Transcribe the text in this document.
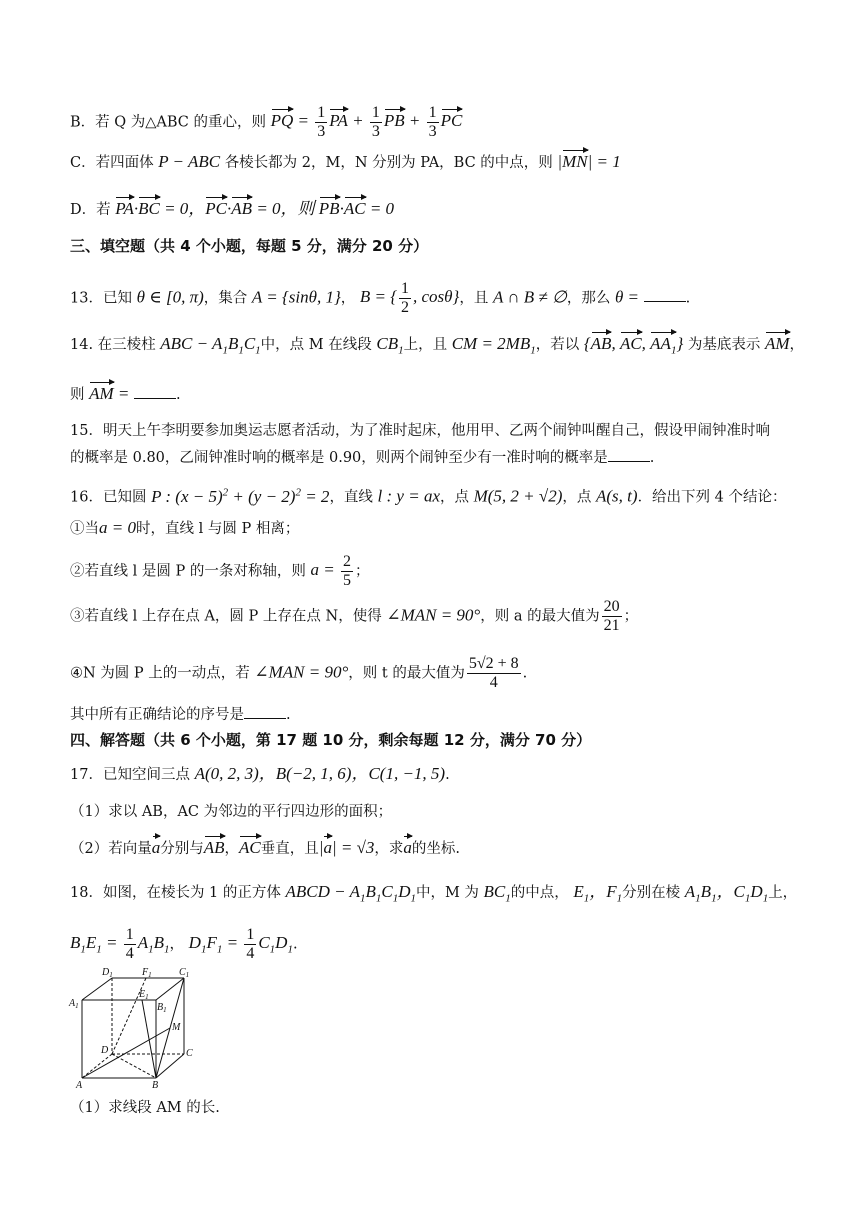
B．若 Q 为△ABC 的重心，则 PQ = $\frac{1}{3}$ PA + $\frac{1}{3}$ PB + $\frac{1}{3}$ PC
C．若四面体 P − ABC 各棱长都为 2，M，N 分别为 PA，BC 的中点，则 |MN| = 1
D．若 PA·BC = 0，PC·AB = 0，则 PB·AC = 0
三、填空题（共 4 个小题，每题 5 分，满分 20 分）
13．已知 θ ∈ [0, π)，集合 A = {sinθ, 1}， B = { $\frac{1}{2}$ , cosθ}，且 A ∩ B ≠ ∅，那么 θ =	.
14. 在三棱柱 ABC − $A_1B_1C_1$中，点 M 在线段 $CB_1$上，且 CM = $2MB_1$，若以 {AB, AC, $AA_1$} 为基底表示 AM，
则 AM =	.
15．明天上午李明要参加奥运志愿者活动，为了准时起床，他用甲、乙两个闹钟叫醒自己，假设甲闹钟准时响
的概率是 0.80，乙闹钟准时响的概率是 0.90，则两个闹钟至少有一准时响的概率是	.
16．已知圆 P : $(x - 5)^2 + (y - 2)^2 = 2$，直线 l : y = ax，点 M(5, 2 + √2)，点 A(s, t)．给出下列 4 个结论：
①当a = 0时，直线 l 与圆 P 相离；
②若直线 l 是圆 P 的一条对称轴，则 $a = \frac{2}{5}$ ；
③若直线 l 上存在点 A，圆 P 上存在点 N，使得 ∠MAN = 90°，则 a 的最大值为 $\frac{20}{21}$ ；
④N 为圆 P 上的一动点，若 ∠MAN = 90°，则 t 的最大值为 $\frac{5√2 + 8}{4}$ .
其中所有正确结论的序号是	.
四、解答题（共 6 个小题，第 17 题 10 分，剩余每题 12 分，满分 70 分）
17．已知空间三点 A(0, 2, 3)，B(−2, 1, 6)，C(1, −1, 5).
（1）求以 AB，AC 为邻边的平行四边形的面积；
（2）若向量a分别与AB，AC垂直，且|a| = √3，求a的坐标.
18．如图，在棱长为 1 的正方体 ABCD − $A_1B_1C_1D_1$中，M 为 $BC_1$的中点， $E_1$，$F_1$分别在棱 $A_1B_1$，$C_1D_1$上，
$B_1E_1 = \frac{1}{4} A_1B_1$， $D_1F_1 = \frac{1}{4} C_1D_1$.
$D_1$	$F_1$	$C_1$
$A_1$
$E_1$
$B_1$
M
D	C
A	B
（1）求线段 AM 的长.
